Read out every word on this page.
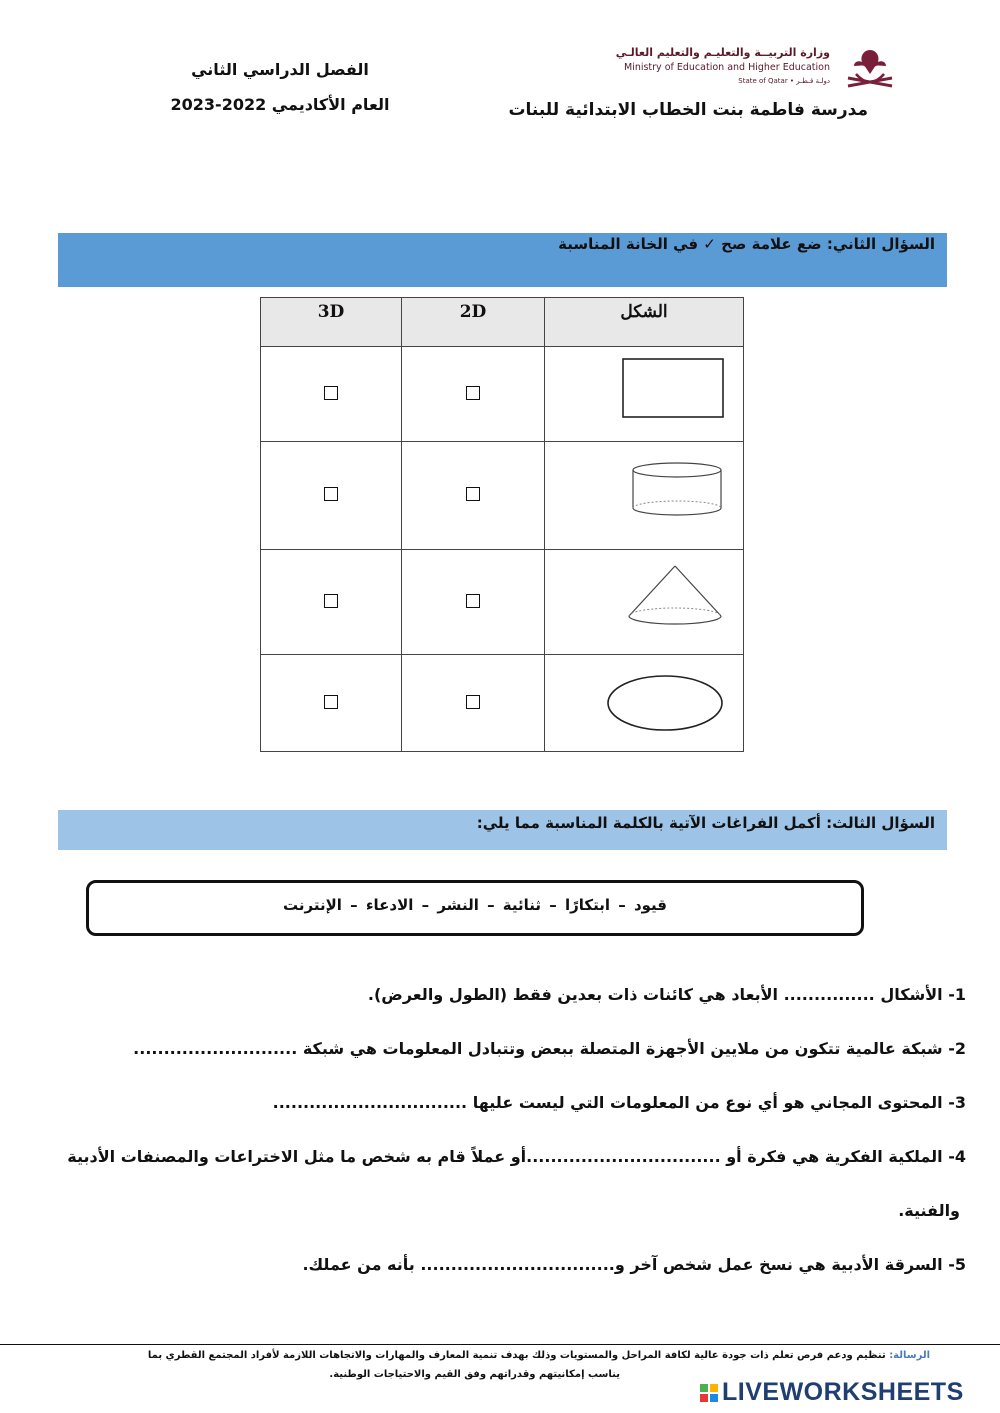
وزارة التربيــة والتعليـم والتعليم العالـي
Ministry of Education and Higher Education
دولـة قـطـر • State of Qatar
مدرسة فاطمة بنت الخطاب الابتدائية للبنات
الفصل الدراسي الثاني
العام الأكاديمي 2022-2023
السؤال الثاني: ضع علامة صح ✓ في الخانة المناسبة
3D	2D	الشكل

السؤال الثالث: أكمل الفراغات الآتية بالكلمة المناسبة مما يلي:
قيود – ابتكارًا – ثنائية – النشر – الادعاء – الإنترنت
1- الأشكال ............... الأبعاد هي كائنات ذات بعدين فقط (الطول والعرض).
2- شبكة عالمية تتكون من ملايين الأجهزة المتصلة ببعض وتتبادل المعلومات هي شبكة ...........................
3- المحتوى المجاني هو أي نوع من المعلومات التي ليست عليها ................................
4- الملكية الفكرية هي فكرة أو ................................أو عملاً قام به شخص ما مثل الاختراعات والمصنفات الأدبية
والفنية.
5- السرقة الأدبية هي نسخ عمل شخص آخر و................................ بأنه من عملك.
الرسالة: تنظيم ودعم فرص تعلم ذات جودة عالية لكافة المراحل والمستويات وذلك بهدف تنمية المعارف والمهارات والاتجاهات اللازمة لأفراد المجتمع القطري بما
يناسب إمكانيتهم وقدراتهم وفق القيم والاحتياجات الوطنية.
LIVEWORKSHEETS
